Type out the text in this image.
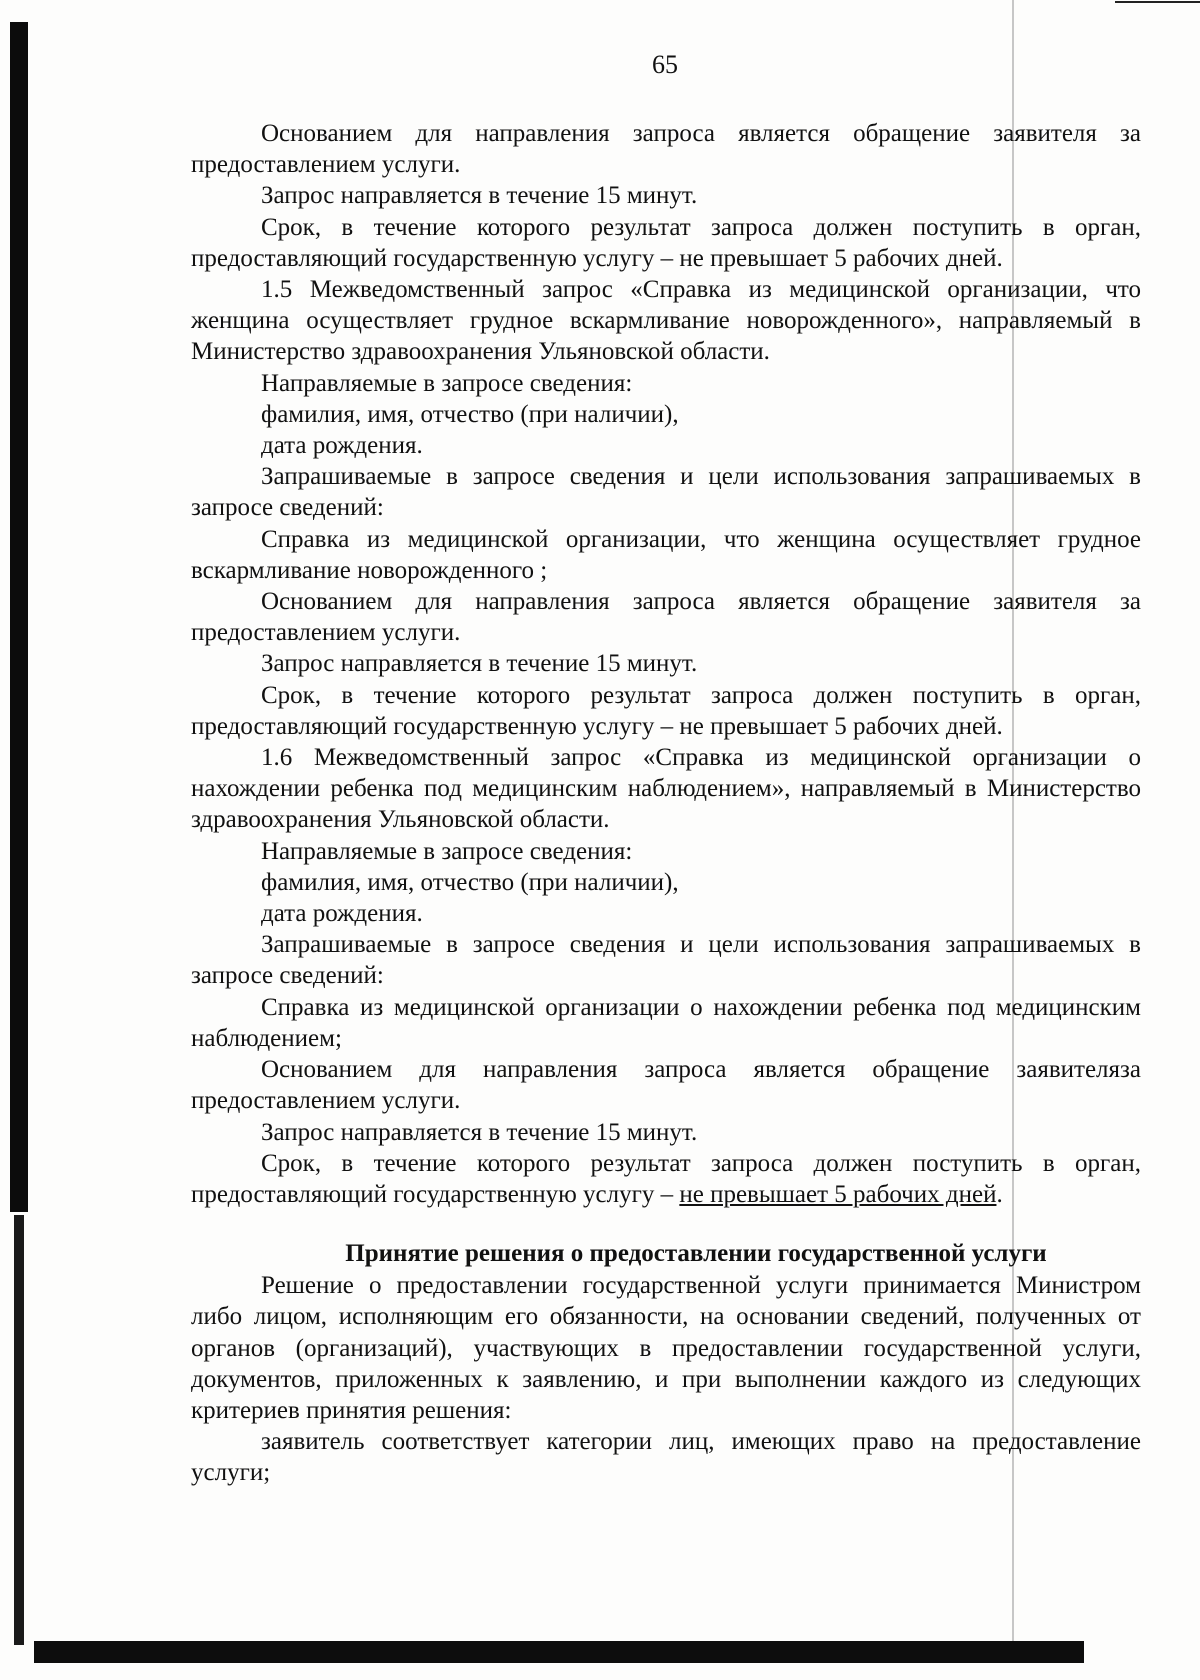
65

Основанием для направления запроса является обращение заявителя за предоставлением услуги.

Запрос направляется в течение 15 минут.

Срок, в течение которого результат запроса должен поступить в орган, предоставляющий государственную услугу – не превышает 5 рабочих дней.

1.5 Межведомственный запрос «Справка из медицинской организации, что женщина осуществляет грудное вскармливание новорожденного», направляемый в Министерство здравоохранения Ульяновской области.

Направляемые в запросе сведения:

фамилия, имя, отчество (при наличии),

дата рождения.

Запрашиваемые в запросе сведения и цели использования запрашиваемых в запросе сведений:

Справка из медицинской организации, что женщина осуществляет грудное вскармливание новорожденного ;

Основанием для направления запроса является обращение заявителя за предоставлением услуги.

Запрос направляется в течение 15 минут.

Срок, в течение которого результат запроса должен поступить в орган, предоставляющий государственную услугу – не превышает 5 рабочих дней.

1.6 Межведомственный запрос «Справка из медицинской организации о нахождении ребенка под медицинским наблюдением», направляемый в Министерство здравоохранения Ульяновской области.

Направляемые в запросе сведения:

фамилия, имя, отчество (при наличии),

дата рождения.

Запрашиваемые в запросе сведения и цели использования запрашиваемых в запросе сведений:

Справка из медицинской организации о нахождении ребенка под медицинским наблюдением;

Основанием для направления запроса является обращение заявителяза предоставлением услуги.

Запрос направляется в течение 15 минут.

Срок, в течение которого результат запроса должен поступить в орган, предоставляющий государственную услугу – не превышает 5 рабочих дней.

Принятие решения о предоставлении государственной услуги

Решение о предоставлении государственной услуги принимается Министром либо лицом, исполняющим его обязанности, на основании сведений, полученных от органов (организаций), участвующих в предоставлении государственной услуги, документов, приложенных к заявлению, и при выполнении каждого из следующих критериев принятия решения:

заявитель соответствует категории лиц, имеющих право на предоставление услуги;
